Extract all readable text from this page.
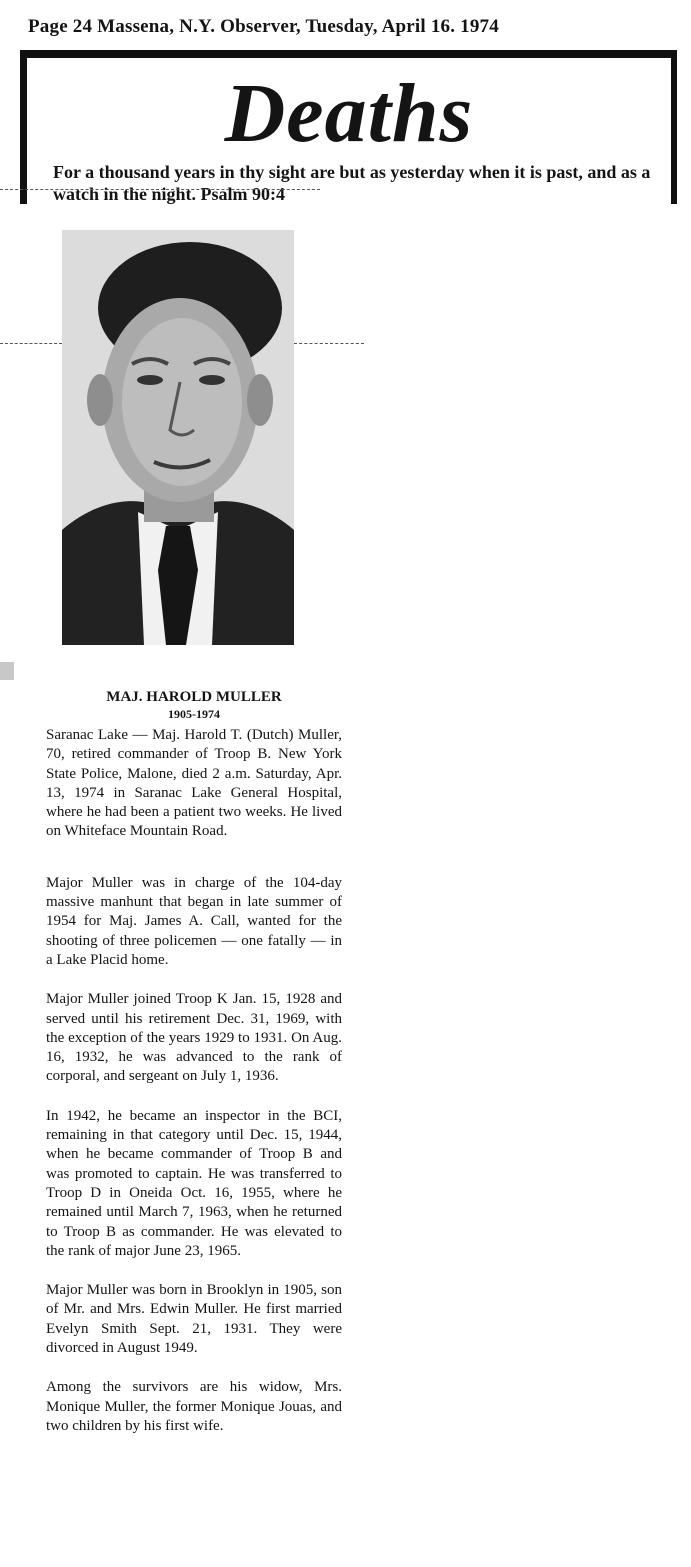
Page 24 Massena, N.Y. Observer, Tuesday, April 16. 1974
Deaths
For a thousand years in thy sight are but as yesterday when it is past, and as a watch in the night. Psalm 90:4
MAJ. HAROLD MULLER
1905-1974

Saranac Lake — Maj. Harold T. (Dutch) Muller, 70, retired commander of Troop B. New York State Police, Malone, died 2 a.m. Saturday, Apr. 13, 1974 in Saranac Lake General Hospital, where he had been a patient two weeks. He lived on Whiteface Mountain Road.

Major Muller was in charge of the 104-day massive manhunt that began in late summer of 1954 for Maj. James A. Call, wanted for the shooting of three policemen — one fatally — in a Lake Placid home.

Major Muller joined Troop K Jan. 15, 1928 and served until his retirement Dec. 31, 1969, with the exception of the years 1929 to 1931. On Aug. 16, 1932, he was advanced to the rank of corporal, and sergeant on July 1, 1936.

In 1942, he became an inspector in the BCI, remaining in that category until Dec. 15, 1944, when he became commander of Troop B and was promoted to captain. He was transferred to Troop D in Oneida Oct. 16, 1955, where he remained until March 7, 1963, when he returned to Troop B as commander. He was elevated to the rank of major June 23, 1965.

Major Muller was born in Brooklyn in 1905, son of Mr. and Mrs. Edwin Muller. He first married Evelyn Smith Sept. 21, 1931. They were divorced in August 1949.

Among the survivors are his widow, Mrs. Monique Muller, the former Monique Jouas, and two children by his first wife.
